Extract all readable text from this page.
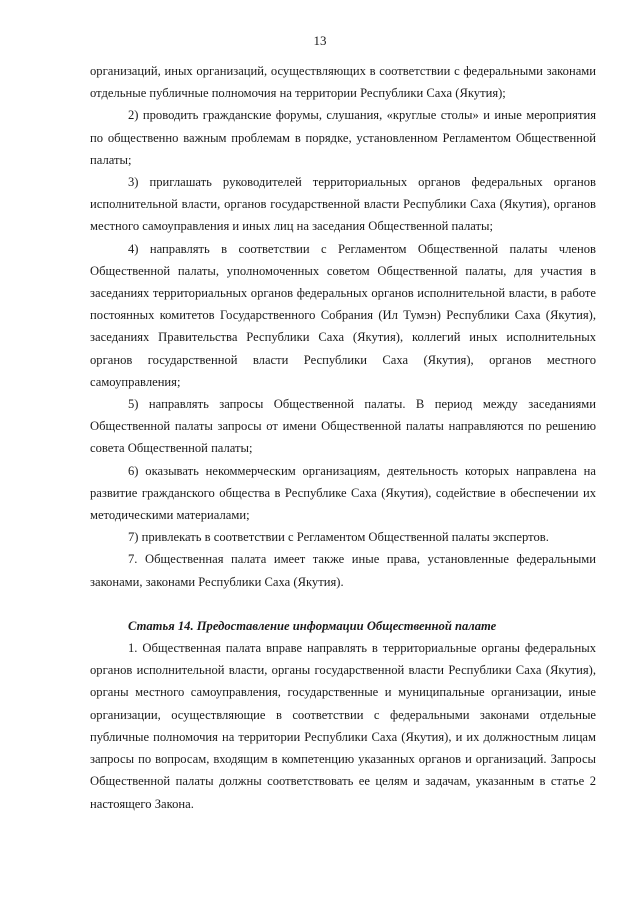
13

организаций, иных организаций, осуществляющих в соответствии с федеральными законами отдельные публичные полномочия на территории Республики Саха (Якутия);

2) проводить гражданские форумы, слушания, «круглые столы» и иные мероприятия по общественно важным проблемам в порядке, установленном Регламентом Общественной палаты;

3) приглашать руководителей территориальных органов федеральных органов исполнительной власти, органов государственной власти Республики Саха (Якутия), органов местного самоуправления и иных лиц на заседания Общественной палаты;

4) направлять в соответствии с Регламентом Общественной палаты членов Общественной палаты, уполномоченных советом Общественной палаты, для участия в заседаниях территориальных органов федеральных органов исполнительной власти, в работе постоянных комитетов Государственного Собрания (Ил Тумэн) Республики Саха (Якутия), заседаниях Правительства Республики Саха (Якутия), коллегий иных исполнительных органов государственной власти Республики Саха (Якутия), органов местного самоуправления;

5) направлять запросы Общественной палаты. В период между заседаниями Общественной палаты запросы от имени Общественной палаты направляются по решению совета Общественной палаты;

6) оказывать некоммерческим организациям, деятельность которых направлена на развитие гражданского общества в Республике Саха (Якутия), содействие в обеспечении их методическими материалами;

7) привлекать в соответствии с Регламентом Общественной палаты экспертов.

7. Общественная палата имеет также иные права, установленные федеральными законами, законами Республики Саха (Якутия).

Статья 14. Предоставление информации Общественной палате

1. Общественная палата вправе направлять в территориальные органы федеральных органов исполнительной власти, органы государственной власти Республики Саха (Якутия), органы местного самоуправления, государственные и муниципальные организации, иные организации, осуществляющие в соответствии с федеральными законами отдельные публичные полномочия на территории Республики Саха (Якутия), и их должностным лицам запросы по вопросам, входящим в компетенцию указанных органов и организаций. Запросы Общественной палаты должны соответствовать ее целям и задачам, указанным в статье 2 настоящего Закона.
